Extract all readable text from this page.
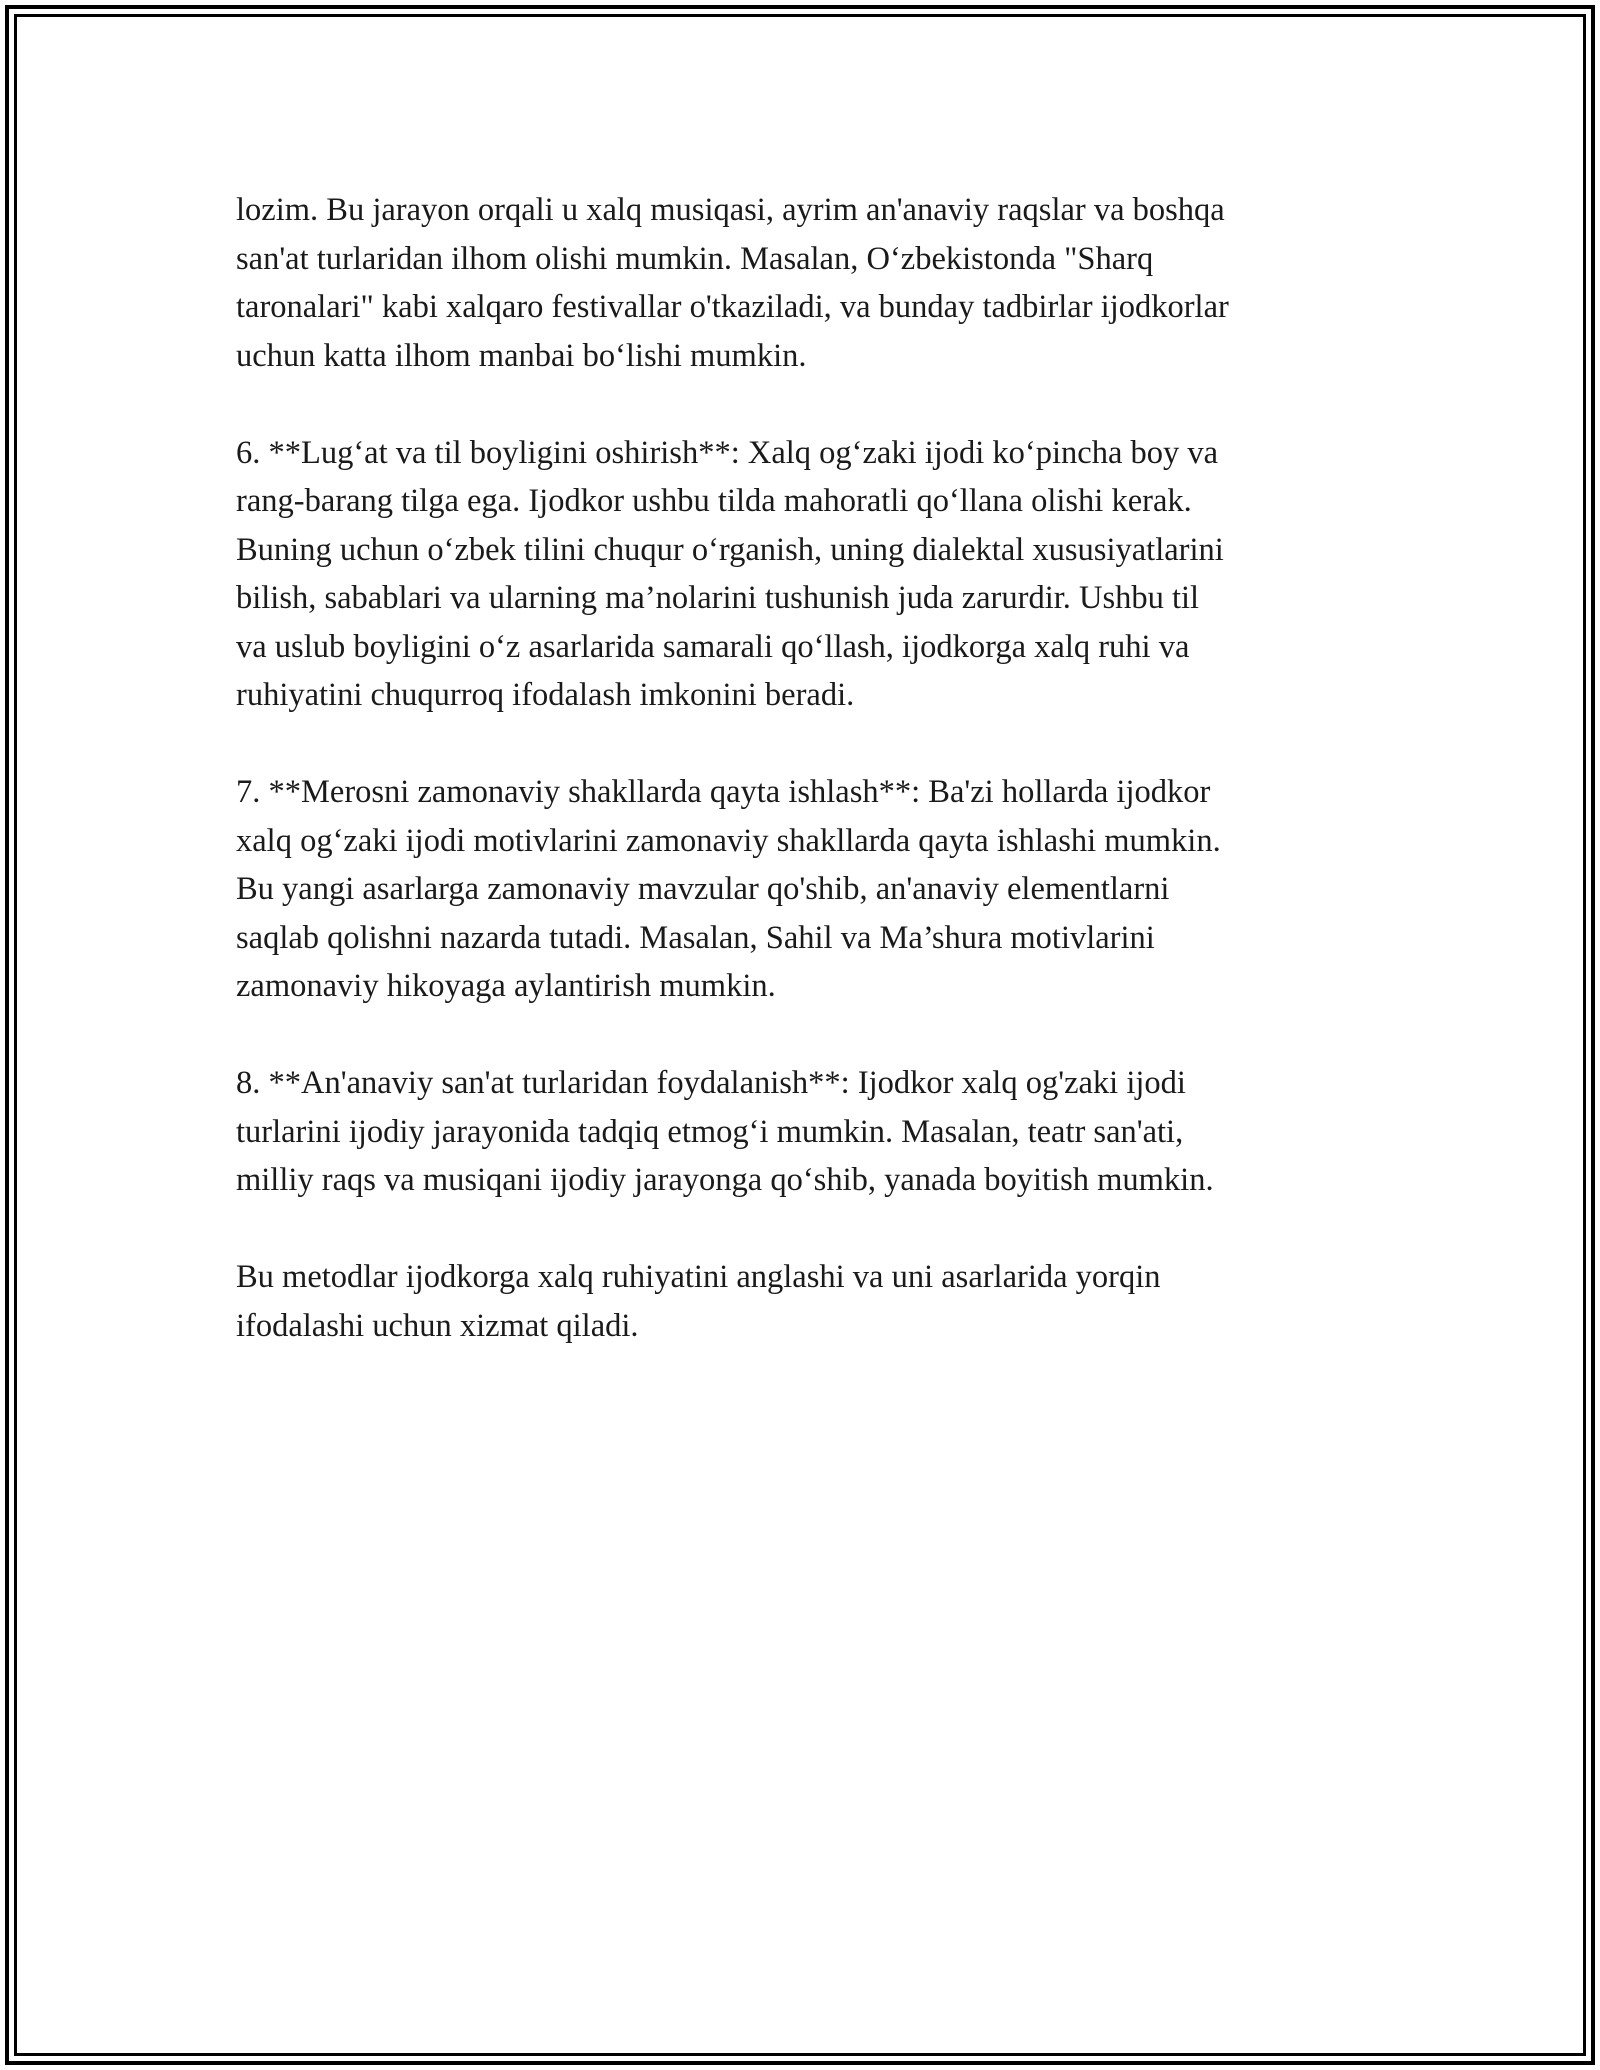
lozim. Bu jarayon orqali u xalq musiqasi, ayrim an'anaviy raqslar va boshqa
san'at turlaridan ilhom olishi mumkin. Masalan, O‘zbekistonda "Sharq
taronalari" kabi xalqaro festivallar o'tkaziladi, va bunday tadbirlar ijodkorlar
uchun katta ilhom manbai bo‘lishi mumkin.

6. **Lug‘at va til boyligini oshirish**: Xalq og‘zaki ijodi ko‘pincha boy va
rang-barang tilga ega. Ijodkor ushbu tilda mahoratli qo‘llana olishi kerak.
Buning uchun o‘zbek tilini chuqur o‘rganish, uning dialektal xususiyatlarini
bilish, sabablari va ularning ma’nolarini tushunish juda zarurdir. Ushbu til
va uslub boyligini o‘z asarlarida samarali qo‘llash, ijodkorga xalq ruhi va
ruhiyatini chuqurroq ifodalash imkonini beradi.

7. **Merosni zamonaviy shakllarda qayta ishlash**: Ba'zi hollarda ijodkor
xalq og‘zaki ijodi motivlarini zamonaviy shakllarda qayta ishlashi mumkin.
Bu yangi asarlarga zamonaviy mavzular qo'shib, an'anaviy elementlarni
saqlab qolishni nazarda tutadi. Masalan, Sahil va Ma’shura motivlarini
zamonaviy hikoyaga aylantirish mumkin.

8. **An'anaviy san'at turlaridan foydalanish**: Ijodkor xalq og'zaki ijodi
turlarini ijodiy jarayonida tadqiq etmog‘i mumkin. Masalan, teatr san'ati,
milliy raqs va musiqani ijodiy jarayonga qo‘shib, yanada boyitish mumkin.

Bu metodlar ijodkorga xalq ruhiyatini anglashi va uni asarlarida yorqin
ifodalashi uchun xizmat qiladi.
